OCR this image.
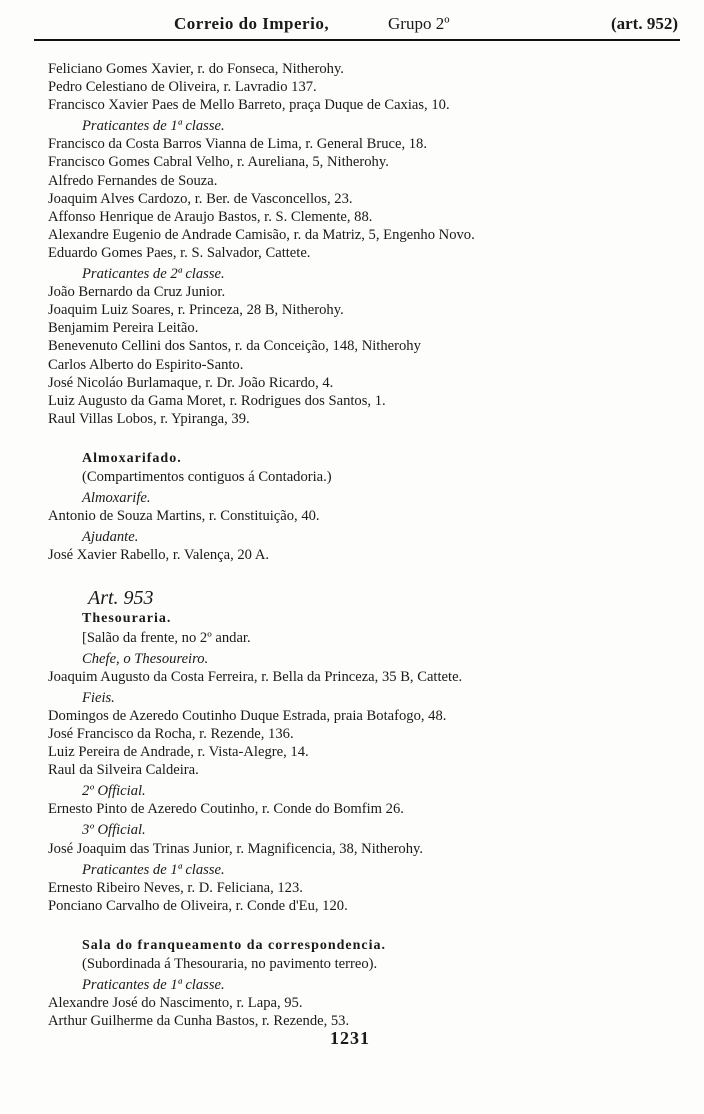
Correio do Imperio,	Grupo 2º	(art. 952)
Feliciano Gomes Xavier, r. do Fonseca, Nitherohy.
Pedro Celestiano de Oliveira, r. Lavradio 137.
Francisco Xavier Paes de Mello Barreto, praça Duque de Caxias, 10.
Praticantes de 1ª classe.
Francisco da Costa Barros Vianna de Lima, r. General Bruce, 18.
Francisco Gomes Cabral Velho, r. Aureliana, 5, Nitherohy.
Alfredo Fernandes de Souza.
Joaquim Alves Cardozo, r. Ber. de Vasconcellos, 23.
Affonso Henrique de Araujo Bastos, r. S. Clemente, 88.
Alexandre Eugenio de Andrade Camisão, r. da Matriz, 5, Engenho Novo.
Eduardo Gomes Paes, r. S. Salvador, Cattete.
Praticantes de 2ª classe.
João Bernardo da Cruz Junior.
Joaquim Luiz Soares, r. Princeza, 28 B, Nitherohy.
Benjamim Pereira Leitão.
Benevenuto Cellini dos Santos, r. da Conceição, 148, Nitherohy
Carlos Alberto do Espirito-Santo.
José Nicoláo Burlamaque, r. Dr. João Ricardo, 4.
Luiz Augusto da Gama Moret, r. Rodrigues dos Santos, 1.
Raul Villas Lobos, r. Ypiranga, 39.
Almoxarifado.
(Compartimentos contiguos á Contadoria.)
Almoxarife.
Antonio de Souza Martins, r. Constituição, 40.
Ajudante.
José Xavier Rabello, r. Valença, 20 A.
Art. 953
Thesouraria.
[Salão da frente, no 2º andar.
Chefe, o Thesoureiro.
Joaquim Augusto da Costa Ferreira, r. Bella da Princeza, 35 B, Cattete.
Fieis.
Domingos de Azeredo Coutinho Duque Estrada, praia Botafogo, 48.
José Francisco da Rocha, r. Rezende, 136.
Luiz Pereira de Andrade, r. Vista-Alegre, 14.
Raul da Silveira Caldeira.
2º Official.
Ernesto Pinto de Azeredo Coutinho, r. Conde do Bomfim 26.
3º Official.
José Joaquim das Trinas Junior, r. Magnificencia, 38, Nitherohy.
Praticantes de 1ª classe.
Ernesto Ribeiro Neves, r. D. Feliciana, 123.
Ponciano Carvalho de Oliveira, r. Conde d'Eu, 120.
Sala do franqueamento da correspondencia.
(Subordinada á Thesouraria, no pavimento terreo).
Praticantes de 1ª classe.
Alexandre José do Nascimento, r. Lapa, 95.
Arthur Guilherme da Cunha Bastos, r. Rezende, 53.
1231
